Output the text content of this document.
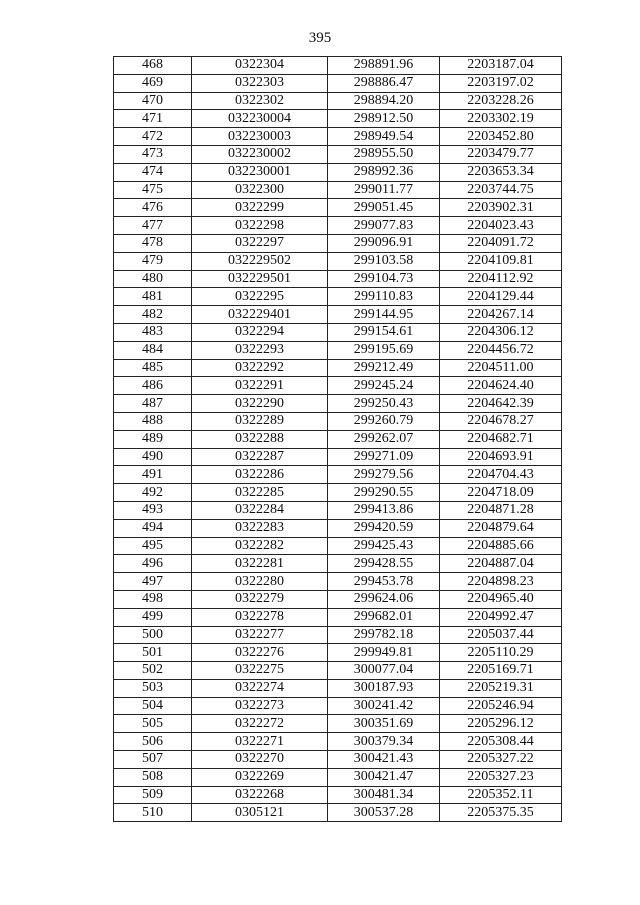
395
468	0322304	298891.96	2203187.04
469	0322303	298886.47	2203197.02
470	0322302	298894.20	2203228.26
471	032230004	298912.50	2203302.19
472	032230003	298949.54	2203452.80
473	032230002	298955.50	2203479.77
474	032230001	298992.36	2203653.34
475	0322300	299011.77	2203744.75
476	0322299	299051.45	2203902.31
477	0322298	299077.83	2204023.43
478	0322297	299096.91	2204091.72
479	032229502	299103.58	2204109.81
480	032229501	299104.73	2204112.92
481	0322295	299110.83	2204129.44
482	032229401	299144.95	2204267.14
483	0322294	299154.61	2204306.12
484	0322293	299195.69	2204456.72
485	0322292	299212.49	2204511.00
486	0322291	299245.24	2204624.40
487	0322290	299250.43	2204642.39
488	0322289	299260.79	2204678.27
489	0322288	299262.07	2204682.71
490	0322287	299271.09	2204693.91
491	0322286	299279.56	2204704.43
492	0322285	299290.55	2204718.09
493	0322284	299413.86	2204871.28
494	0322283	299420.59	2204879.64
495	0322282	299425.43	2204885.66
496	0322281	299428.55	2204887.04
497	0322280	299453.78	2204898.23
498	0322279	299624.06	2204965.40
499	0322278	299682.01	2204992.47
500	0322277	299782.18	2205037.44
501	0322276	299949.81	2205110.29
502	0322275	300077.04	2205169.71
503	0322274	300187.93	2205219.31
504	0322273	300241.42	2205246.94
505	0322272	300351.69	2205296.12
506	0322271	300379.34	2205308.44
507	0322270	300421.43	2205327.22
508	0322269	300421.47	2205327.23
509	0322268	300481.34	2205352.11
510	0305121	300537.28	2205375.35
